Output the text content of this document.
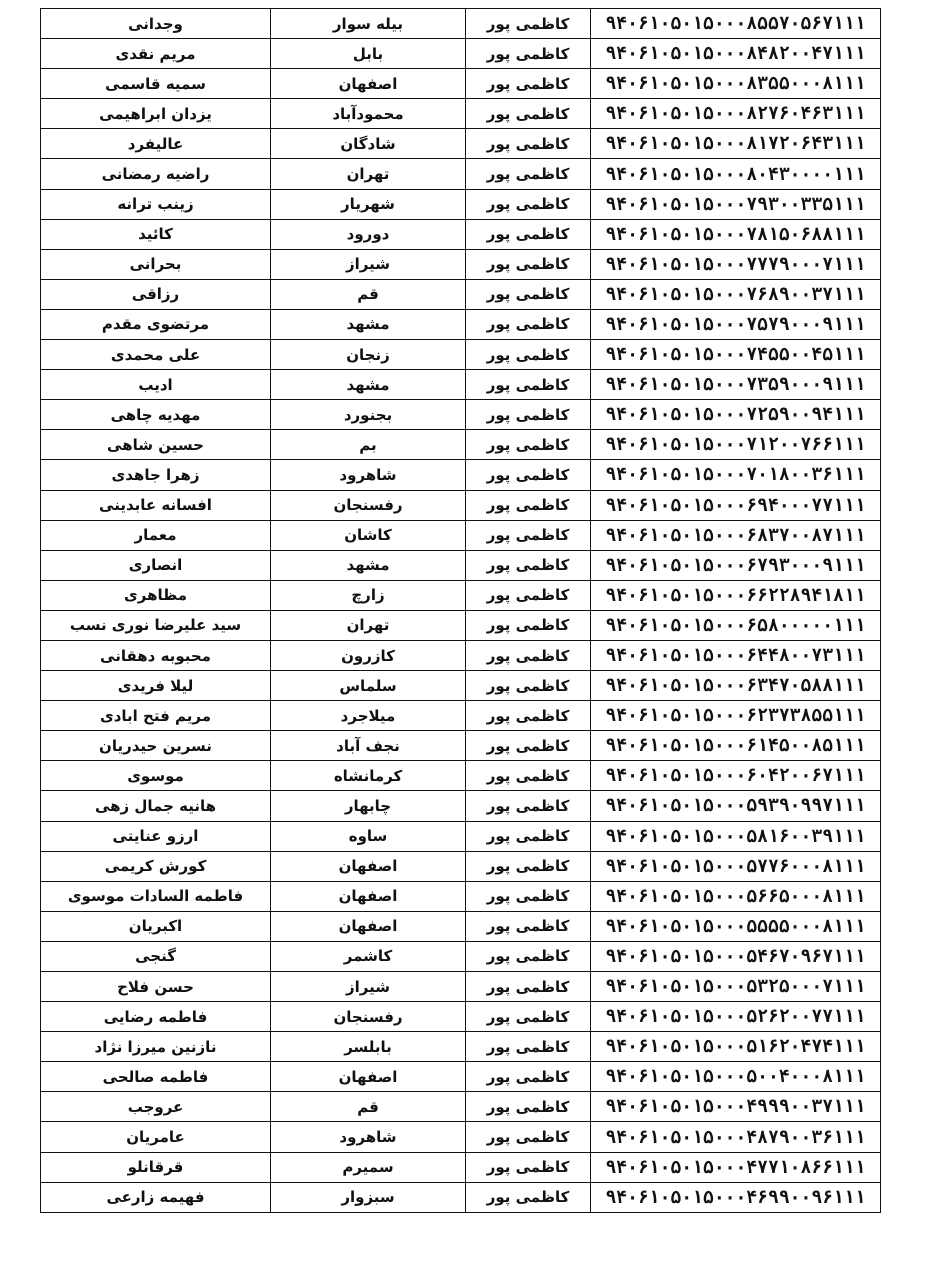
وجدانی	بیله سوار	کاظمی پور	۹۴۰۶۱۰۵۰۱۵۰۰۰۸۵۵۷۰۵۶۷۱۱۱
مریم نقدی	بابل	کاظمی پور	۹۴۰۶۱۰۵۰۱۵۰۰۰۸۴۸۲۰۰۴۷۱۱۱
سمیه قاسمی	اصفهان	کاظمی پور	۹۴۰۶۱۰۵۰۱۵۰۰۰۸۳۵۵۰۰۰۸۱۱۱
یزدان ابراهیمی	محمودآباد	کاظمی پور	۹۴۰۶۱۰۵۰۱۵۰۰۰۸۲۷۶۰۴۶۳۱۱۱
عالیفرد	شادگان	کاظمی پور	۹۴۰۶۱۰۵۰۱۵۰۰۰۸۱۷۲۰۶۴۳۱۱۱
راضیه رمضانی	تهران	کاظمی پور	۹۴۰۶۱۰۵۰۱۵۰۰۰۸۰۴۳۰۰۰۰۱۱۱
زینب ترانه	شهریار	کاظمی پور	۹۴۰۶۱۰۵۰۱۵۰۰۰۷۹۳۰۰۳۳۵۱۱۱
کائید	دورود	کاظمی پور	۹۴۰۶۱۰۵۰۱۵۰۰۰۷۸۱۵۰۶۸۸۱۱۱
بحرانی	شیراز	کاظمی پور	۹۴۰۶۱۰۵۰۱۵۰۰۰۷۷۷۹۰۰۰۷۱۱۱
رزاقی	قم	کاظمی پور	۹۴۰۶۱۰۵۰۱۵۰۰۰۷۶۸۹۰۰۳۷۱۱۱
مرتضوی مقدم	مشهد	کاظمی پور	۹۴۰۶۱۰۵۰۱۵۰۰۰۷۵۷۹۰۰۰۹۱۱۱
علی محمدی	زنجان	کاظمی پور	۹۴۰۶۱۰۵۰۱۵۰۰۰۷۴۵۵۰۰۴۵۱۱۱
ادیب	مشهد	کاظمی پور	۹۴۰۶۱۰۵۰۱۵۰۰۰۷۳۵۹۰۰۰۹۱۱۱
مهدیه چاهی	بجنورد	کاظمی پور	۹۴۰۶۱۰۵۰۱۵۰۰۰۷۲۵۹۰۰۹۴۱۱۱
حسین شاهی	بم	کاظمی پور	۹۴۰۶۱۰۵۰۱۵۰۰۰۷۱۲۰۰۷۶۶۱۱۱
زهرا جاهدی	شاهرود	کاظمی پور	۹۴۰۶۱۰۵۰۱۵۰۰۰۷۰۱۸۰۰۳۶۱۱۱
افسانه عابدینی	رفسنجان	کاظمی پور	۹۴۰۶۱۰۵۰۱۵۰۰۰۶۹۴۰۰۰۷۷۱۱۱
معمار	کاشان	کاظمی پور	۹۴۰۶۱۰۵۰۱۵۰۰۰۶۸۳۷۰۰۸۷۱۱۱
انصاری	مشهد	کاظمی پور	۹۴۰۶۱۰۵۰۱۵۰۰۰۶۷۹۳۰۰۰۹۱۱۱
مظاهری	زارچ	کاظمی پور	۹۴۰۶۱۰۵۰۱۵۰۰۰۶۶۲۲۸۹۴۱۸۱۱
سید علیرضا نوری نسب	تهران	کاظمی پور	۹۴۰۶۱۰۵۰۱۵۰۰۰۶۵۸۰۰۰۰۰۱۱۱
محبوبه دهقانی	کازرون	کاظمی پور	۹۴۰۶۱۰۵۰۱۵۰۰۰۶۴۴۸۰۰۷۳۱۱۱
لیلا فریدی	سلماس	کاظمی پور	۹۴۰۶۱۰۵۰۱۵۰۰۰۶۳۴۷۰۵۸۸۱۱۱
مریم فتح ابادی	میلاجرد	کاظمی پور	۹۴۰۶۱۰۵۰۱۵۰۰۰۶۲۳۷۳۸۵۵۱۱۱
نسرین حیدریان	نجف آباد	کاظمی پور	۹۴۰۶۱۰۵۰۱۵۰۰۰۶۱۴۵۰۰۸۵۱۱۱
موسوی	کرمانشاه	کاظمی پور	۹۴۰۶۱۰۵۰۱۵۰۰۰۶۰۴۲۰۰۶۷۱۱۱
هانیه جمال زهی	چابهار	کاظمی پور	۹۴۰۶۱۰۵۰۱۵۰۰۰۵۹۳۹۰۹۹۷۱۱۱
ارزو عنایتی	ساوه	کاظمی پور	۹۴۰۶۱۰۵۰۱۵۰۰۰۵۸۱۶۰۰۳۹۱۱۱
کورش کریمی	اصفهان	کاظمی پور	۹۴۰۶۱۰۵۰۱۵۰۰۰۵۷۷۶۰۰۰۸۱۱۱
فاطمه السادات موسوی	اصفهان	کاظمی پور	۹۴۰۶۱۰۵۰۱۵۰۰۰۵۶۶۵۰۰۰۸۱۱۱
اکبریان	اصفهان	کاظمی پور	۹۴۰۶۱۰۵۰۱۵۰۰۰۵۵۵۵۰۰۰۸۱۱۱
گنجی	کاشمر	کاظمی پور	۹۴۰۶۱۰۵۰۱۵۰۰۰۵۴۶۷۰۹۶۷۱۱۱
حسن فلاح	شیراز	کاظمی پور	۹۴۰۶۱۰۵۰۱۵۰۰۰۵۳۲۵۰۰۰۷۱۱۱
فاطمه رضایی	رفسنجان	کاظمی پور	۹۴۰۶۱۰۵۰۱۵۰۰۰۵۲۶۲۰۰۷۷۱۱۱
نازنین میرزا نژاد	بابلسر	کاظمی پور	۹۴۰۶۱۰۵۰۱۵۰۰۰۵۱۶۲۰۴۷۴۱۱۱
فاطمه صالحی	اصفهان	کاظمی پور	۹۴۰۶۱۰۵۰۱۵۰۰۰۵۰۰۴۰۰۰۸۱۱۱
عروجب	قم	کاظمی پور	۹۴۰۶۱۰۵۰۱۵۰۰۰۴۹۹۹۰۰۳۷۱۱۱
عامریان	شاهرود	کاظمی پور	۹۴۰۶۱۰۵۰۱۵۰۰۰۴۸۷۹۰۰۳۶۱۱۱
قرقانلو	سمیرم	کاظمی پور	۹۴۰۶۱۰۵۰۱۵۰۰۰۴۷۷۱۰۸۶۶۱۱۱
فهیمه زارعی	سبزوار	کاظمی پور	۹۴۰۶۱۰۵۰۱۵۰۰۰۴۶۹۹۰۰۹۶۱۱۱
